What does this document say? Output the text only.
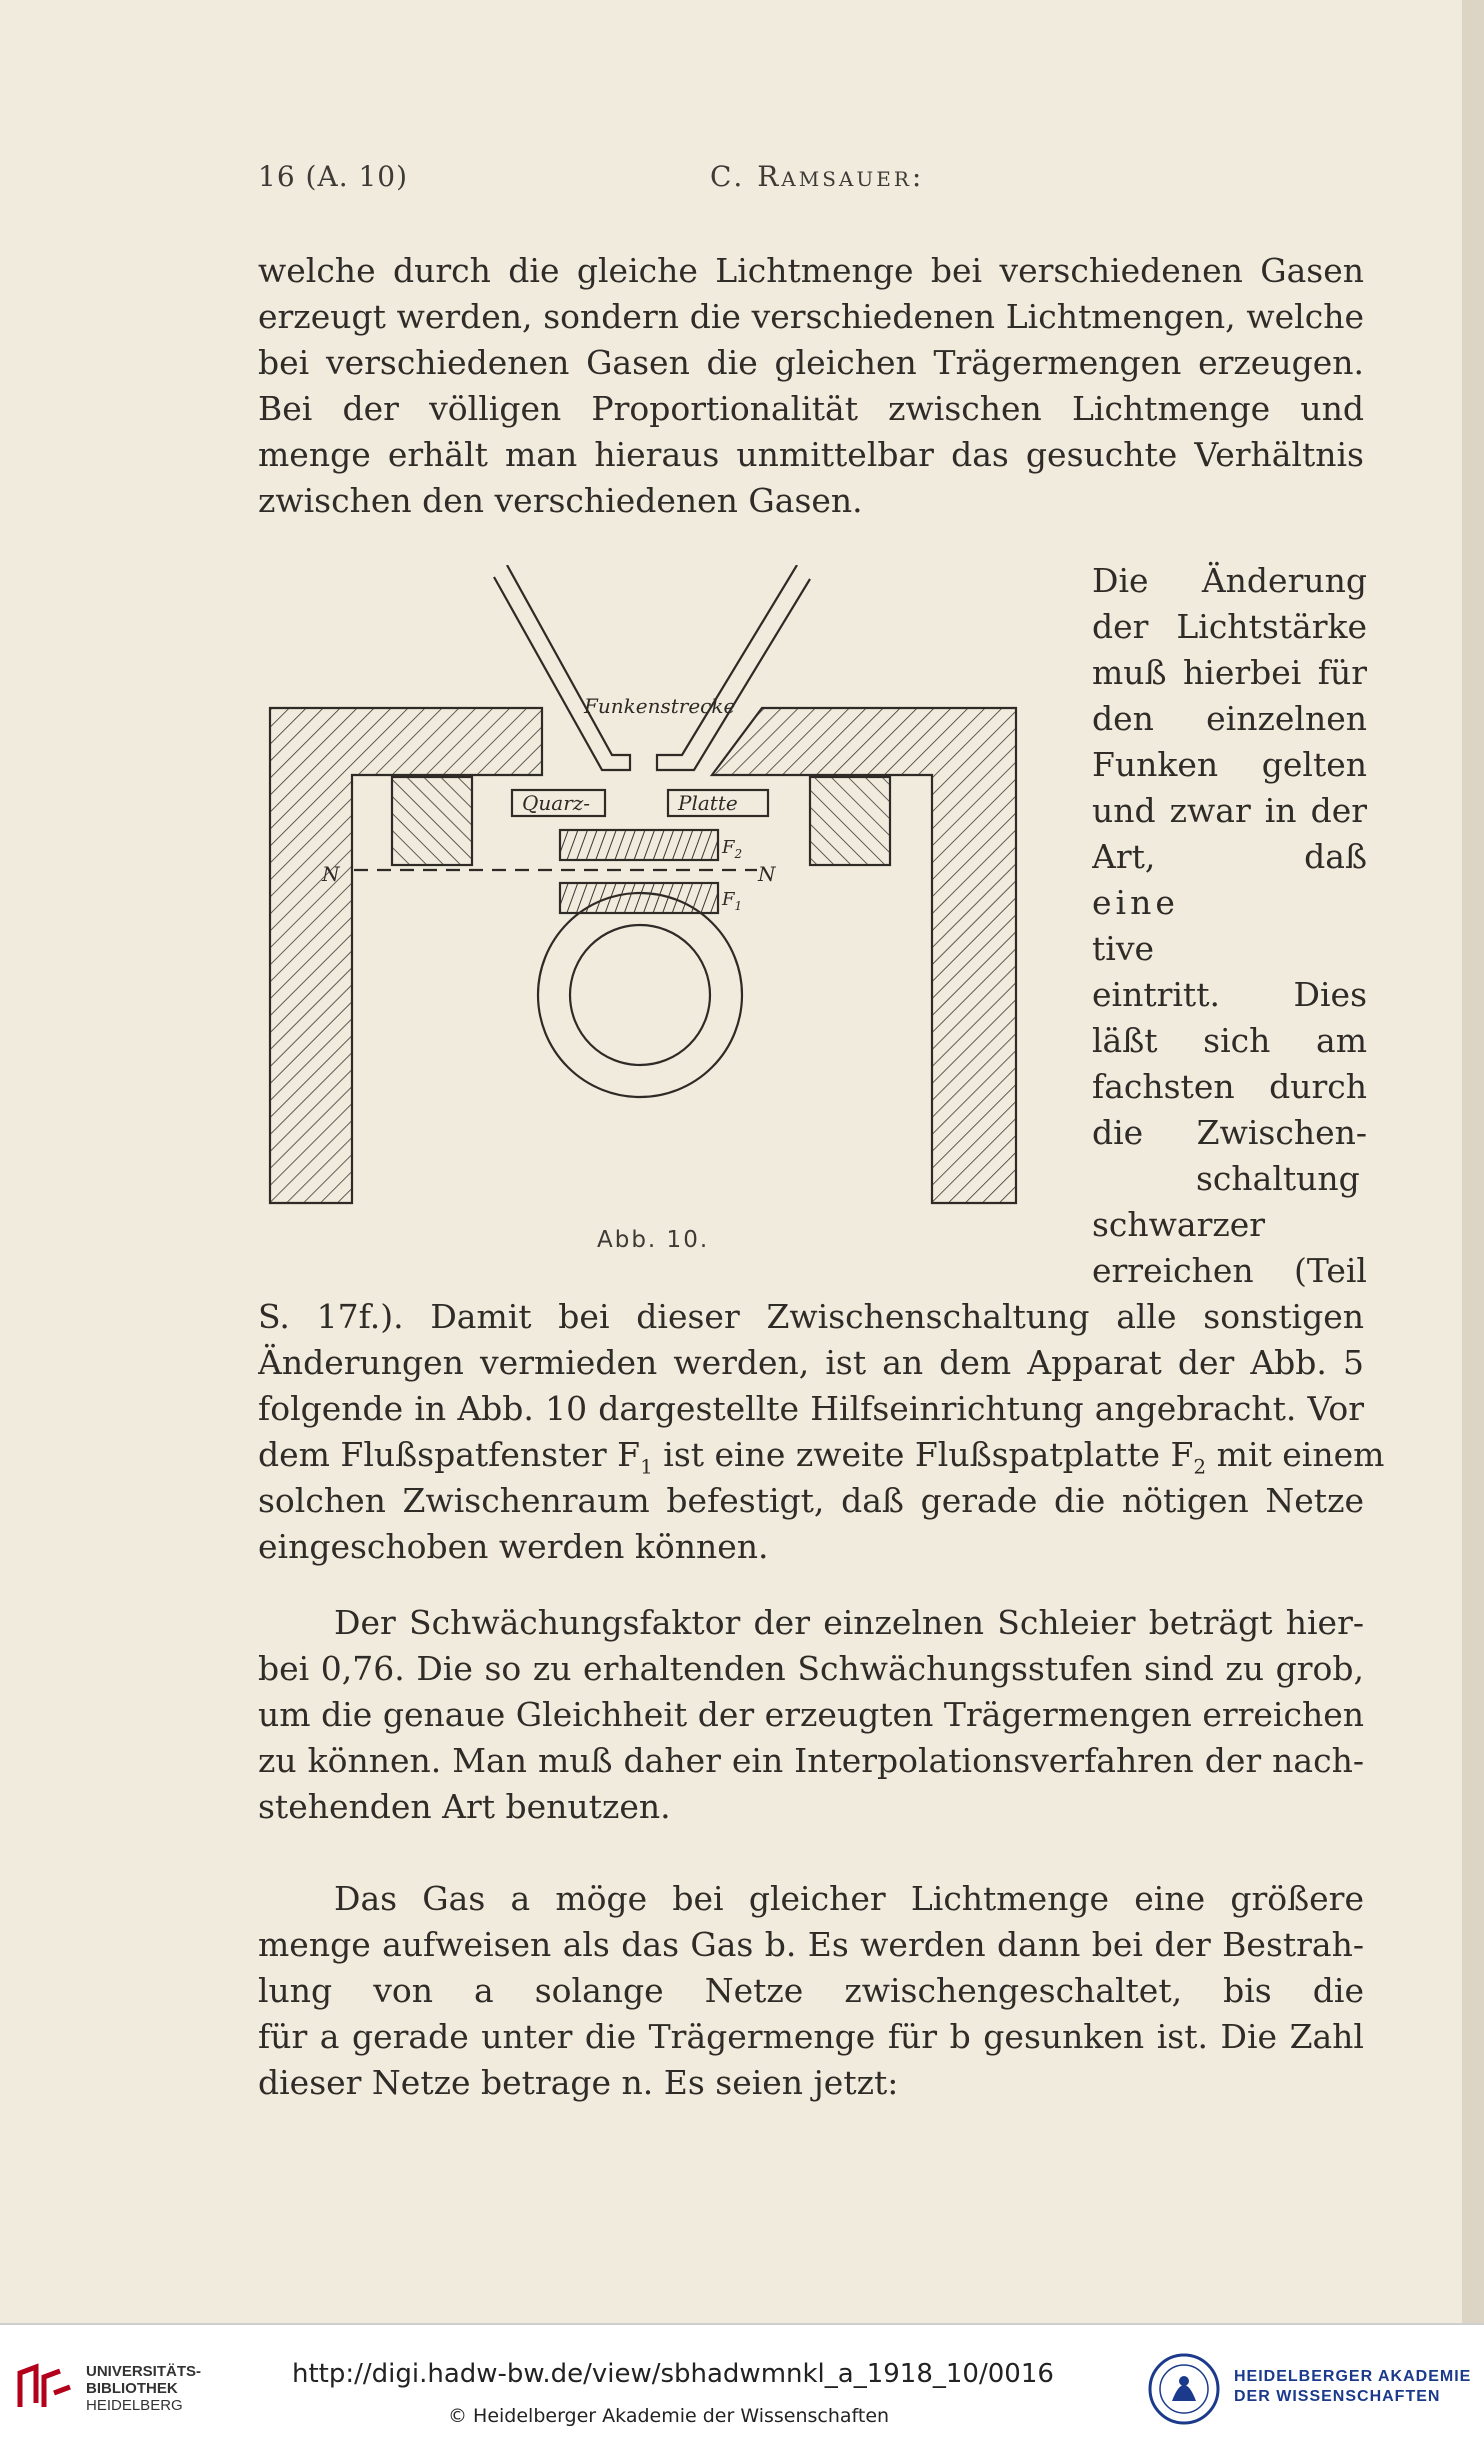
16 (A. 10)	C. Ramsauer:
welche durch die gleiche Lichtmenge bei verschiedenen Gasen
erzeugt werden, sondern die verschiedenen Lichtmengen, welche
bei verschiedenen Gasen die gleichen Trägermengen erzeugen.
Bei der völligen Proportionalität zwischen Lichtmenge und
menge erhält man hieraus unmittelbar das gesuchte Verhältnis
zwischen den verschiedenen Gasen.
Die Änderung
der Lichtstärke
muß hierbei für
den einzelnen
Funken gelten
und zwar in der
Art, daß
eine
tive
eintritt. Dies
läßt sich am
fachsten durch
die Zwischen-
schaltung
schwarzer
erreichen (Teil
Funkenstrecke
Quarz-	Platte
$F_2$
$F_1$
N	N
Abb. 10.
S. 17f.). Damit bei dieser Zwischenschaltung alle sonstigen
Änderungen vermieden werden, ist an dem Apparat der Abb. 5
folgende in Abb. 10 dargestellte Hilfseinrichtung angebracht. Vor
dem Flußspatfenster $F_1$ ist eine zweite Flußspatplatte $F_2$ mit einem
solchen Zwischenraum befestigt, daß gerade die nötigen Netze
eingeschoben werden können.
Der Schwächungsfaktor der einzelnen Schleier beträgt hier-
bei 0,76. Die so zu erhaltenden Schwächungsstufen sind zu grob,
um die genaue Gleichheit der erzeugten Trägermengen erreichen
zu können. Man muß daher ein Interpolationsverfahren der nach-
stehenden Art benutzen.
Das Gas a möge bei gleicher Lichtmenge eine größere
menge aufweisen als das Gas b. Es werden dann bei der Bestrah-
lung von a solange Netze zwischengeschaltet, bis die
für a gerade unter die Trägermenge für b gesunken ist. Die Zahl
dieser Netze betrage n. Es seien jetzt:
UNIVERSITÄTS-
BIBLIOTHEK
HEIDELBERG
http://digi.hadw-bw.de/view/sbhadwmnkl_a_1918_10/0016
© Heidelberger Akademie der Wissenschaften
HEIDELBERGER AKADEMIE
DER WISSENSCHAFTEN
